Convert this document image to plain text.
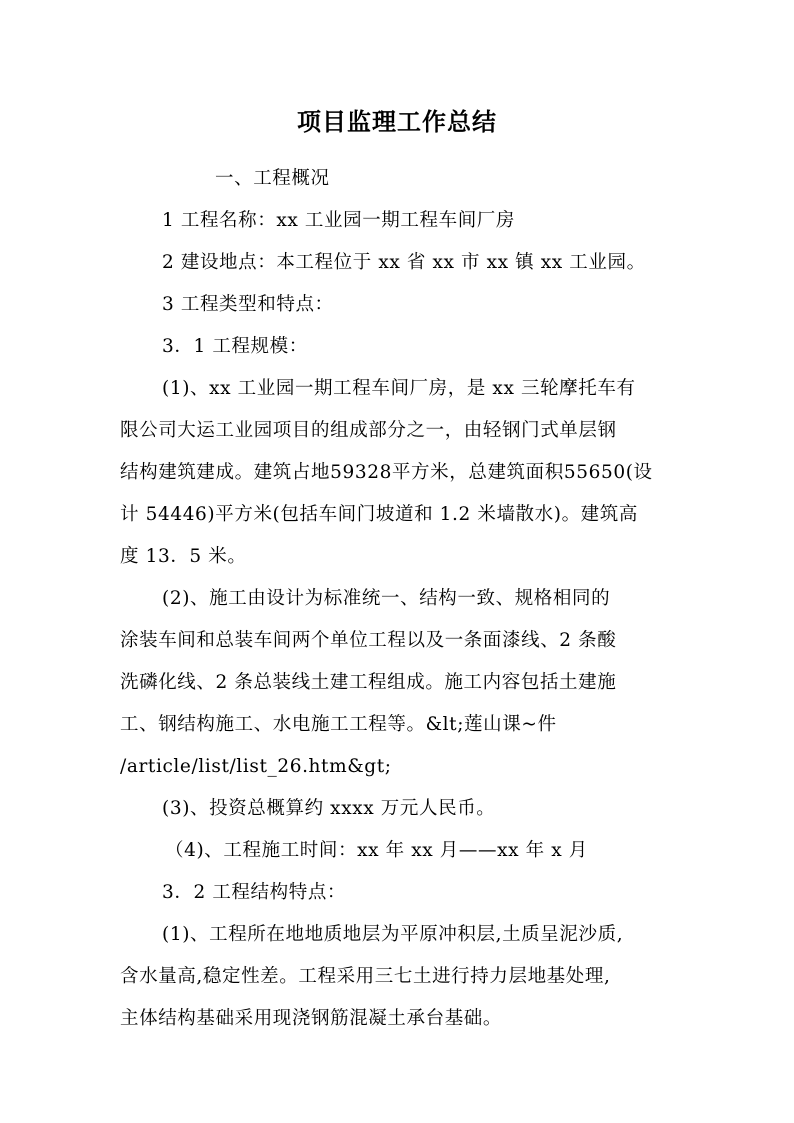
项目监理工作总结
一、工程概况
1 工程名称：xx 工业园一期工程车间厂房
2 建设地点：本工程位于 xx 省 xx 市 xx 镇 xx 工业园。
3 工程类型和特点：
3．1 工程规模：
(1)、xx 工业园一期工程车间厂房，是 xx 三轮摩托车有
限公司大运工业园项目的组成部分之一，由轻钢门式单层钢
结构建筑建成。建筑占地59328平方米，总建筑面积55650(设
计 54446)平方米(包括车间门坡道和 1.2 米墙散水)。建筑高
度 13．5 米。
(2)、施工由设计为标准统一、结构一致、规格相同的
涂装车间和总装车间两个单位工程以及一条面漆线、2 条酸
洗磷化线、2 条总装线土建工程组成。施工内容包括土建施
工、钢结构施工、水电施工工程等。&lt;莲山课~件
/article/list/list_26.htm&gt;
(3)、投资总概算约 xxxx 万元人民币。
（4)、工程施工时间：xx 年 xx 月——xx 年 x 月
3．2 工程结构特点：
(1)、工程所在地地质地层为平原冲积层,土质呈泥沙质,
含水量高,稳定性差。工程采用三七土进行持力层地基处理,
主体结构基础采用现浇钢筋混凝土承台基础。
